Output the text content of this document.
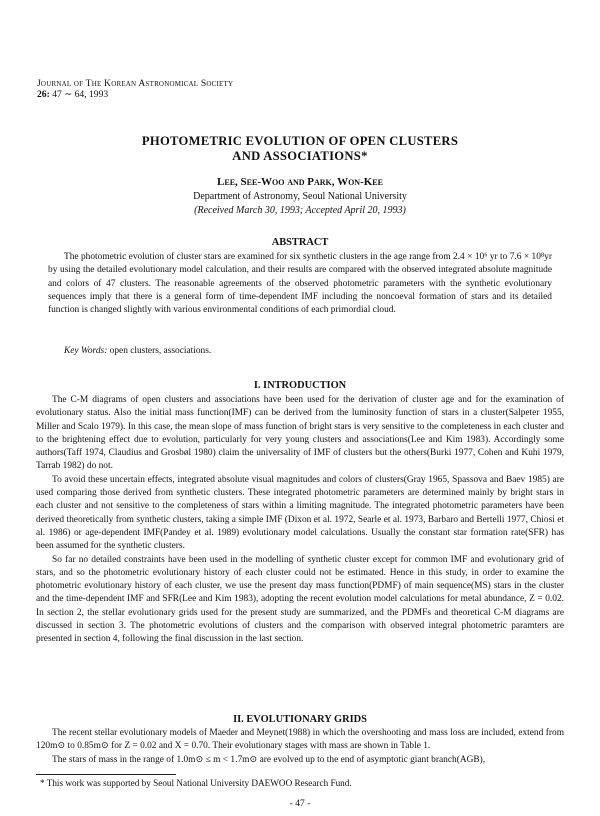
Journal of The Korean Astronomical Society
26: 47 ∼ 64, 1993
PHOTOMETRIC EVOLUTION OF OPEN CLUSTERS
AND ASSOCIATIONS*
Lee, See-Woo and Park, Won-Kee
Department of Astronomy, Seoul National University
(Received March 30, 1993; Accepted April 20, 1993)
ABSTRACT
The photometric evolution of cluster stars are examined for six synthetic clusters in the age range from 2.4 × 10⁶ yr to 7.6 × 10⁸yr by using the detailed evolutionary model calculation, and their results are compared with the observed integrated absolute magnitude and colors of 47 clusters. The reasonable agreements of the observed photometric parameters with the synthetic evolutionary sequences imply that there is a general form of time-dependent IMF including the noncoeval formation of stars and its detailed function is changed slightly with various environmental conditions of each primordial cloud.
Key Words: open clusters, associations.
I. INTRODUCTION

The C-M diagrams of open clusters and associations have been used for the derivation of cluster age and for the examination of evolutionary status. Also the initial mass function(IMF) can be derived from the luminosity function of stars in a cluster(Salpeter 1955, Miller and Scalo 1979). In this case, the mean slope of mass function of bright stars is very sensitive to the completeness in each cluster and to the brightening effect due to evolution, particularly for very young clusters and associations(Lee and Kim 1983). Accordingly some authors(Taff 1974, Claudius and Grosbøl 1980) claim the universality of IMF of clusters but the others(Burki 1977, Cohen and Kuhi 1979, Tarrab 1982) do not.

To avoid these uncertain effects, integrated absolute visual magnitudes and colors of clusters(Gray 1965, Spassova and Baev 1985) are used comparing those derived from synthetic clusters. These integrated photometric parameters are determined mainly by bright stars in each cluster and not sensitive to the completeness of stars within a limiting magnitude. The integrated photometric parameters have been derived theoretically from synthetic clusters, taking a simple IMF (Dixon et al. 1972, Searle et al. 1973, Barbaro and Bertelli 1977, Chiosi et al. 1986) or age-dependent IMF(Pandey et al. 1989) evolutionary model calculations. Usually the constant star formation rate(SFR) has been assumed for the synthetic clusters.

So far no detailed constraints have been used in the modelling of synthetic cluster except for common IMF and evolutionary grid of stars, and so the photometric evolutionary history of each cluster could not be estimated. Hence in this study, in order to examine the photometric evolutionary history of each cluster, we use the present day mass function(PDMF) of main sequence(MS) stars in the cluster and the time-dependent IMF and SFR(Lee and Kim 1983), adopting the recent evolution model calculations for metal abundance, Z = 0.02. In section 2, the stellar evolutionary grids used for the present study are summarized, and the PDMFs and theoretical C-M diagrams are discussed in section 3. The photometric evolutions of clusters and the comparison with observed integral photometric paramters are presented in section 4, following the final discussion in the last section.

II. EVOLUTIONARY GRIDS

The recent stellar evolutionary models of Maeder and Meynet(1988) in which the overshooting and mass loss are included, extend from 120m⊙ to 0.85m⊙ for Z = 0.02 and X = 0.70. Their evolutionary stages with mass are shown in Table 1.

The stars of mass in the range of 1.0m⊙ ≤ m < 1.7m⊙ are evolved up to the end of asymptotic giant branch(AGB),

* This work was supported by Seoul National University DAEWOO Research Fund.
- 47 -
